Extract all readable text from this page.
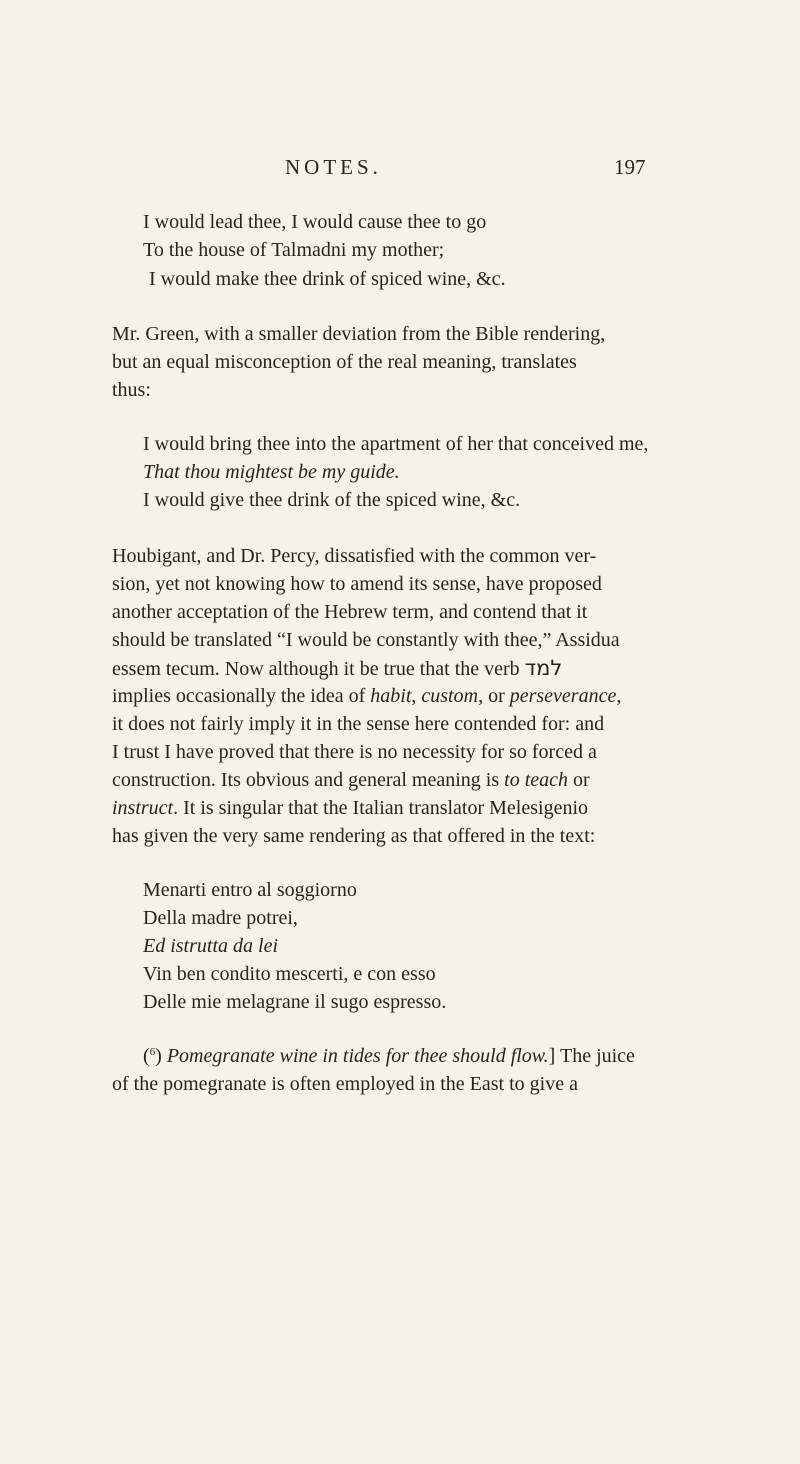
NOTES.	197
I would lead thee, I would cause thee to go
To the house of Talmadni my mother;
I would make thee drink of spiced wine, &c.
Mr. Green, with a smaller deviation from the Bible rendering,
but an equal misconception of the real meaning, translates
thus:
I would bring thee into the apartment of her that conceived me,
That thou mightest be my guide.
I would give thee drink of the spiced wine, &c.
Houbigant, and Dr. Percy, dissatisfied with the common ver-
sion, yet not knowing how to amend its sense, have proposed
another acceptation of the Hebrew term, and contend that it
should be translated “I would be constantly with thee,” Assidua
essem tecum. Now although it be true that the verb למד
implies occasionally the idea of habit, custom, or perseverance,
it does not fairly imply it in the sense here contended for: and
I trust I have proved that there is no necessity for so forced a
construction. Its obvious and general meaning is to teach or
instruct. It is singular that the Italian translator Melesigenio
has given the very same rendering as that offered in the text:
Menarti entro al soggiorno
Della madre potrei,
Ed istrutta da lei
Vin ben condito mescerti, e con esso
Delle mie melagrane il sugo espresso.
($^6$) Pomegranate wine in tides for thee should flow.] The juice
of the pomegranate is often employed in the East to give a
